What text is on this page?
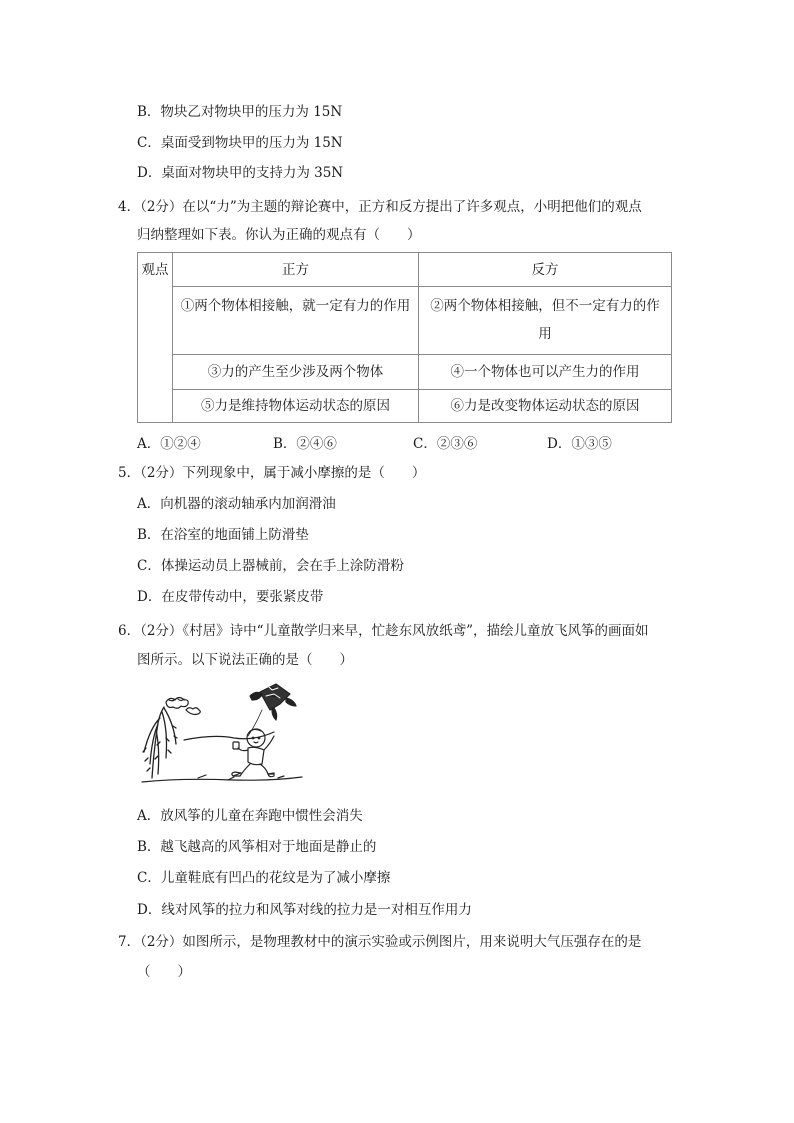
B．物块乙对物块甲的压力为 15N
C．桌面受到物块甲的压力为 15N
D．桌面对物块甲的支持力为 35N
4．（2分）在以“力”为主题的辩论赛中，正方和反方提出了许多观点，小明把他们的观点
归纳整理如下表。你认为正确的观点有（　　）
观点	正方	反方
	①两个物体相接触，就一定有力的作用	②两个物体相接触，但不一定有力的作
用

	③力的产生至少涉及两个物体	④一个物体也可以产生力的作用
	⑤力是维持物体运动状态的原因	⑥力是改变物体运动状态的原因
A．①②④	B．②④⑥	C．②③⑥	D．①③⑤
5．（2分）下列现象中，属于减小摩擦的是（　　）
A．向机器的滚动轴承内加润滑油
B．在浴室的地面铺上防滑垫
C．体操运动员上器械前，会在手上涂防滑粉
D．在皮带传动中，要张紧皮带
6．（2分）《村居》诗中“儿童散学归来早，忙趁东风放纸鸢”，描绘儿童放飞风筝的画面如
图所示。以下说法正确的是（　　）
A．放风筝的儿童在奔跑中惯性会消失
B．越飞越高的风筝相对于地面是静止的
C．儿童鞋底有凹凸的花纹是为了减小摩擦
D．线对风筝的拉力和风筝对线的拉力是一对相互作用力
7．（2分）如图所示，是物理教材中的演示实验或示例图片，用来说明大气压强存在的是
（　　）
